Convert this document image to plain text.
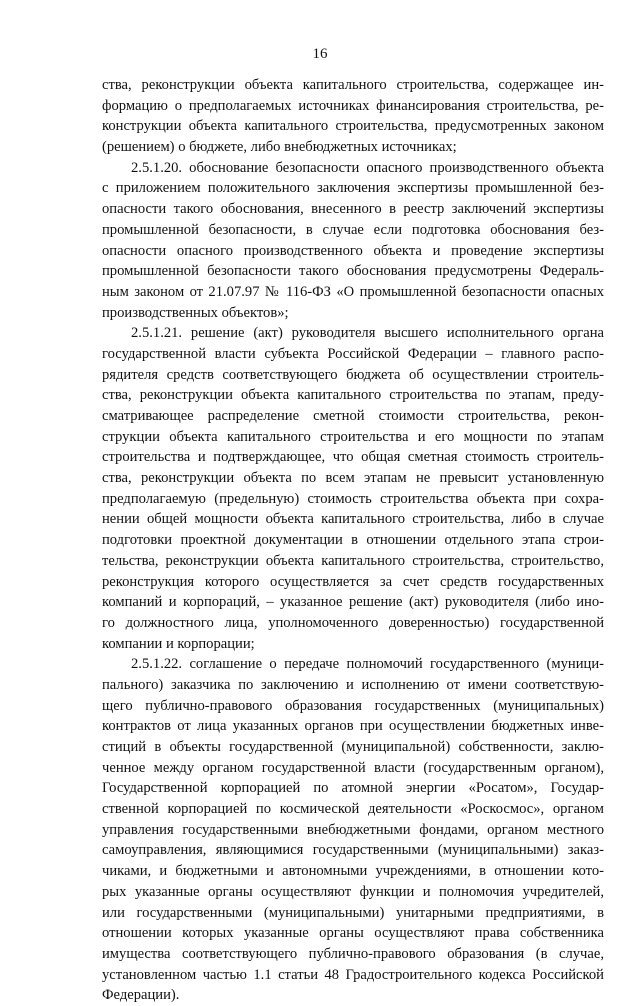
16
ства, реконструкции объекта капитального строительства, содержащее ин-
формацию о предполагаемых источниках финансирования строительства, ре-
конструкции объекта капитального строительства, предусмотренных законом
(решением) о бюджете, либо внебюджетных источниках;
2.5.1.20. обоснование безопасности опасного производственного объекта
с приложением положительного заключения экспертизы промышленной без-
опасности такого обоснования, внесенного в реестр заключений экспертизы
промышленной безопасности, в случае если подготовка обоснования без-
опасности опасного производственного объекта и проведение экспертизы
промышленной безопасности такого обоснования предусмотрены Федераль-
ным законом от 21.07.97 № 116-ФЗ «О промышленной безопасности опасных
производственных объектов»;
2.5.1.21. решение (акт) руководителя высшего исполнительного органа
государственной власти субъекта Российской Федерации – главного распо-
рядителя средств соответствующего бюджета об осуществлении строитель-
ства, реконструкции объекта капитального строительства по этапам, преду-
сматривающее распределение сметной стоимости строительства, рекон-
струкции объекта капитального строительства и его мощности по этапам
строительства и подтверждающее, что общая сметная стоимость строитель-
ства, реконструкции объекта по всем этапам не превысит установленную
предполагаемую (предельную) стоимость строительства объекта при сохра-
нении общей мощности объекта капитального строительства, либо в случае
подготовки проектной документации в отношении отдельного этапа строи-
тельства, реконструкции объекта капитального строительства, строительство,
реконструкция которого осуществляется за счет средств государственных
компаний и корпораций, – указанное решение (акт) руководителя (либо ино-
го должностного лица, уполномоченного доверенностью) государственной
компании и корпорации;
2.5.1.22. соглашение о передаче полномочий государственного (муници-
пального) заказчика по заключению и исполнению от имени соответствую-
щего публично-правового образования государственных (муниципальных)
контрактов от лица указанных органов при осуществлении бюджетных инве-
стиций в объекты государственной (муниципальной) собственности, заклю-
ченное между органом государственной власти (государственным органом),
Государственной корпорацией по атомной энергии «Росатом», Государ-
ственной корпорацией по космической деятельности «Роскосмос», органом
управления государственными внебюджетными фондами, органом местного
самоуправления, являющимися государственными (муниципальными) заказ-
чиками, и бюджетными и автономными учреждениями, в отношении кото-
рых указанные органы осуществляют функции и полномочия учредителей,
или государственными (муниципальными) унитарными предприятиями, в
отношении которых указанные органы осуществляют права собственника
имущества соответствующего публично-правового образования (в случае,
установленном частью 1.1 статьи 48 Градостроительного кодекса Российской
Федерации).
